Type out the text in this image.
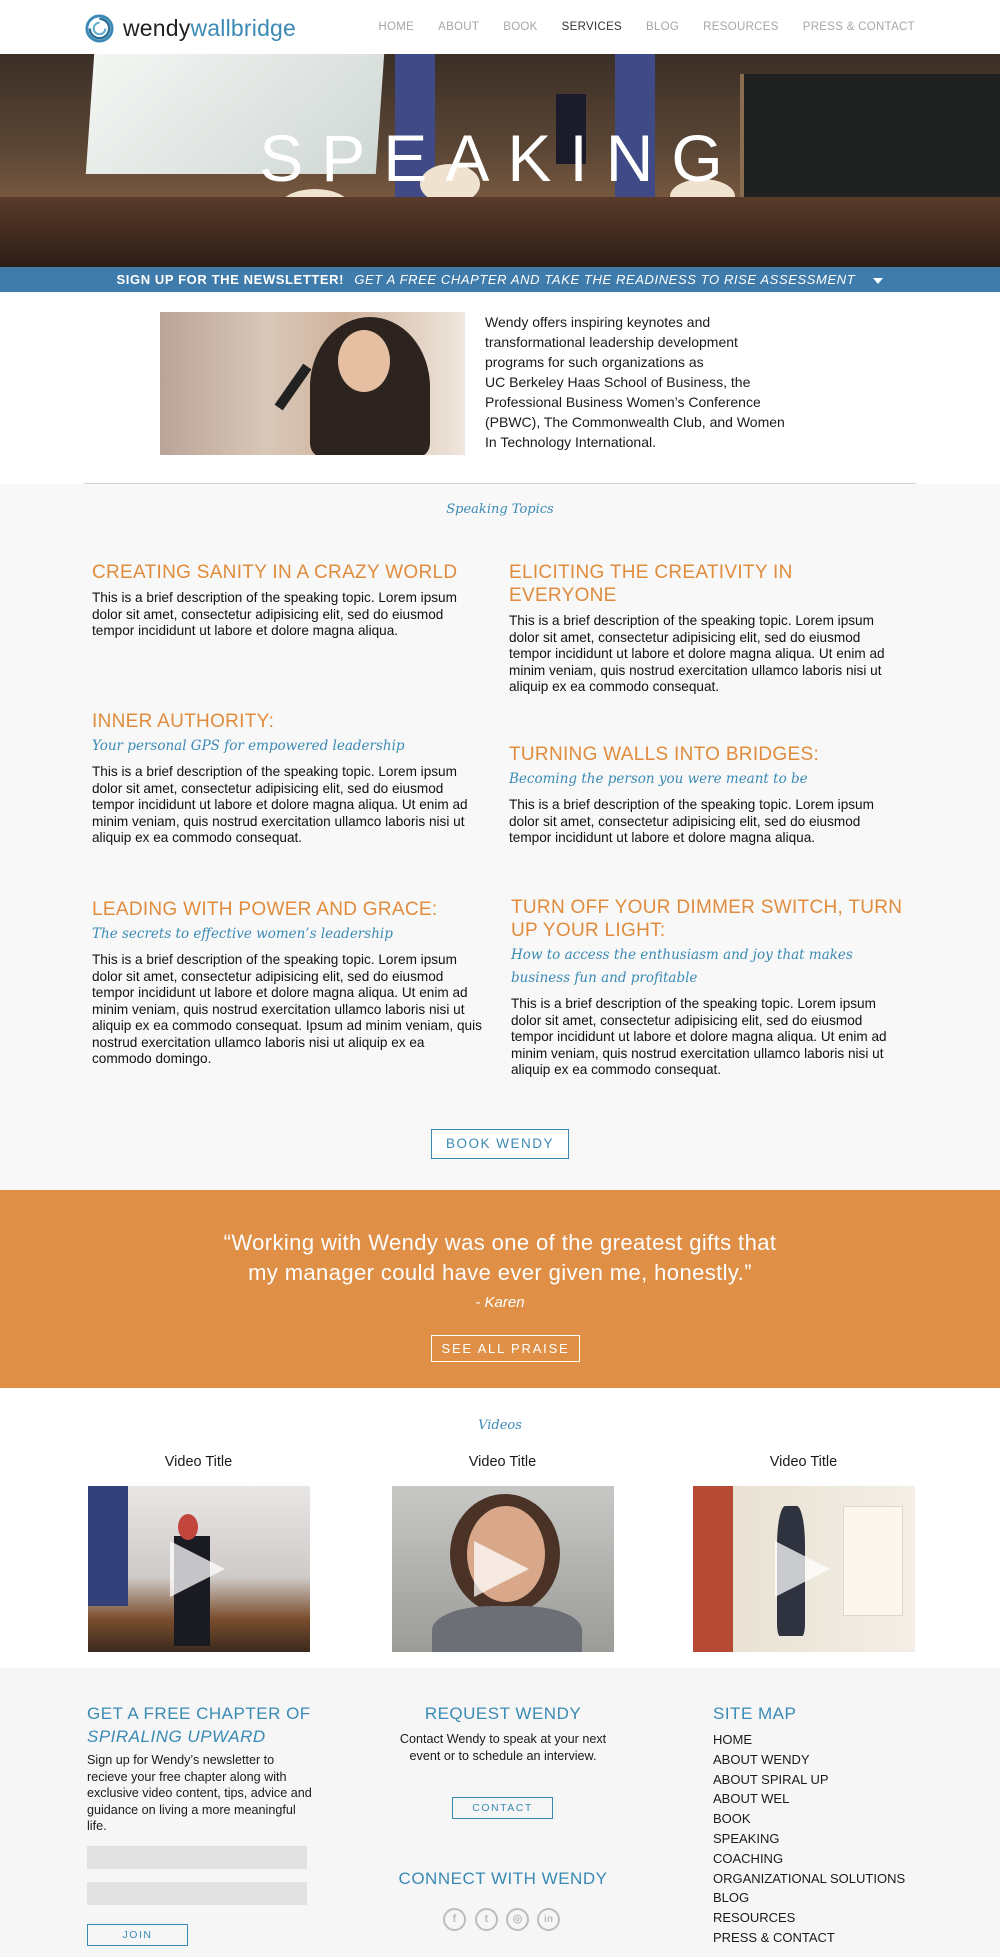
wendywallbridge	HOME ABOUT BOOK SERVICES BLOG RESOURCES PRESS & CONTACT
SPEAKING
SIGN UP FOR THE NEWSLETTER! GET A FREE CHAPTER AND TAKE THE READINESS TO RISE ASSESSMENT
Wendy offers inspiring keynotes and
transformational leadership development
programs for such organizations as
UC Berkeley Haas School of Business, the
Professional Business Women’s Conference
(PBWC), The Commonwealth Club, and Women
In Technology International.
Speaking Topics
CREATING SANITY IN A CRAZY WORLD

This is a brief description of the speaking topic. Lorem ipsum dolor sit amet, consectetur adipisicing elit, sed do eiusmod tempor incididunt ut labore et dolore magna aliqua.

ELICITING THE CREATIVITY IN EVERYONE

This is a brief description of the speaking topic. Lorem ipsum dolor sit amet, consectetur adipisicing elit, sed do eiusmod tempor incididunt ut labore et dolore magna aliqua. Ut enim ad minim veniam, quis nostrud exercitation ullamco laboris nisi ut aliquip ex ea commodo consequat.

INNER AUTHORITY:
Your personal GPS for empowered leadership

This is a brief description of the speaking topic. Lorem ipsum dolor sit amet, consectetur adipisicing elit, sed do eiusmod tempor incididunt ut labore et dolore magna aliqua. Ut enim ad minim veniam, quis nostrud exercitation ullamco laboris nisi ut aliquip ex ea commodo consequat.

TURNING WALLS INTO BRIDGES:
Becoming the person you were meant to be

This is a brief description of the speaking topic. Lorem ipsum dolor sit amet, consectetur adipisicing elit, sed do eiusmod tempor incididunt ut labore et dolore magna aliqua.

LEADING WITH POWER AND GRACE:
The secrets to effective women’s leadership

This is a brief description of the speaking topic. Lorem ipsum dolor sit amet, consectetur adipisicing elit, sed do eiusmod tempor incididunt ut labore et dolore magna aliqua. Ut enim ad minim veniam, quis nostrud exercitation ullamco laboris nisi ut aliquip ex ea commodo consequat. Ipsum ad minim veniam, quis nostrud exercitation ullamco laboris nisi ut aliquip ex ea commodo domingo.

TURN OFF YOUR DIMMER SWITCH, TURN UP YOUR LIGHT:
How to access the enthusiasm and joy that makes business fun and profitable

This is a brief description of the speaking topic. Lorem ipsum dolor sit amet, consectetur adipisicing elit, sed do eiusmod tempor incididunt ut labore et dolore magna aliqua. Ut enim ad minim veniam, quis nostrud exercitation ullamco laboris nisi ut aliquip ex ea commodo consequat.

BOOK WENDY
“Working with Wendy was one of the greatest gifts that
my manager could have ever given me, honestly.”
- Karen
SEE ALL PRAISE
Videos
Video Title	Video Title	Video Title
GET A FREE CHAPTER OF
SPIRALING UPWARD
Sign up for Wendy’s newsletter to recieve your free chapter along with exclusive video content, tips, advice and guidance on living a more meaningful life.
JOIN
REQUEST WENDY
Contact Wendy to speak at your next event or to schedule an interview.
CONTACT
CONNECT WITH WENDY
f	t	◎	in
SITE MAP
HOME
ABOUT WENDY
ABOUT SPIRAL UP
ABOUT WEL
BOOK
SPEAKING
COACHING
ORGANIZATIONAL SOLUTIONS
BLOG
RESOURCES
PRESS & CONTACT
